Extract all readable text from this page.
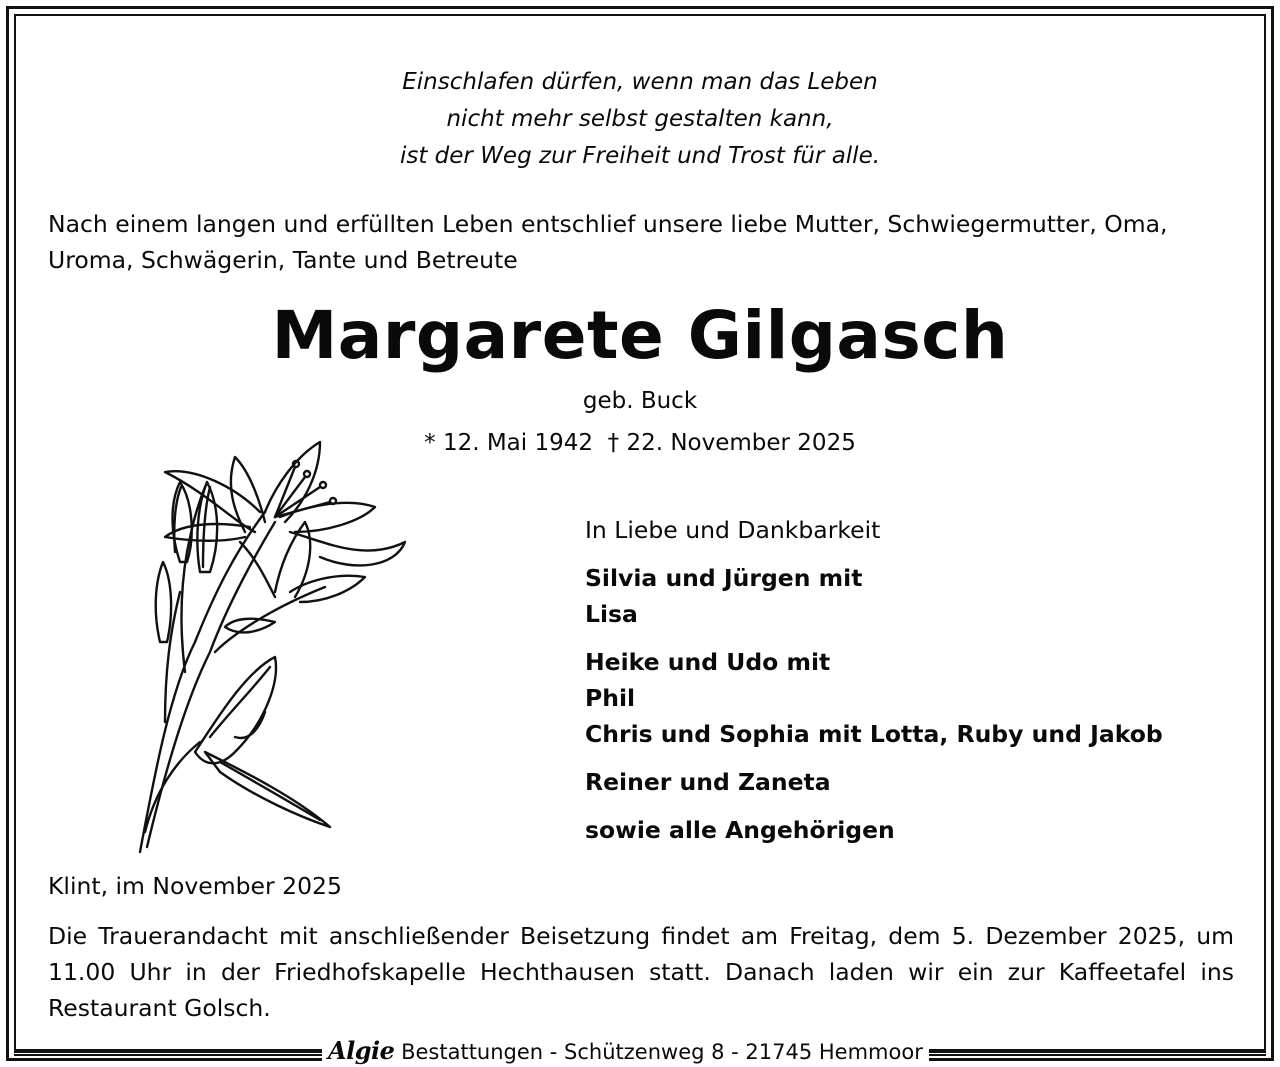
Einschlafen dürfen, wenn man das Leben
nicht mehr selbst gestalten kann,
ist der Weg zur Freiheit und Trost für alle.
Nach einem langen und erfüllten Leben entschlief unsere liebe Mutter, Schwiegermutter, Oma, Uroma, Schwägerin, Tante und Betreute
Margarete Gilgasch
geb. Buck
* 12. Mai 1942 † 22. November 2025
In Liebe und Dankbarkeit
Silvia und Jürgen mit
Lisa
Heike und Udo mit
Phil
Chris und Sophia mit Lotta, Ruby und Jakob
Reiner und Zaneta
sowie alle Angehörigen
Klint, im November 2025
Die Trauerandacht mit anschließender Beisetzung findet am Freitag, dem 5. Dezember 2025, um 11.00 Uhr in der Friedhofskapelle Hechthausen statt. Danach laden wir ein zur Kaffeetafel ins Restaurant Golsch.
Algie Bestattungen - Schützenweg 8 - 21745 Hemmoor
